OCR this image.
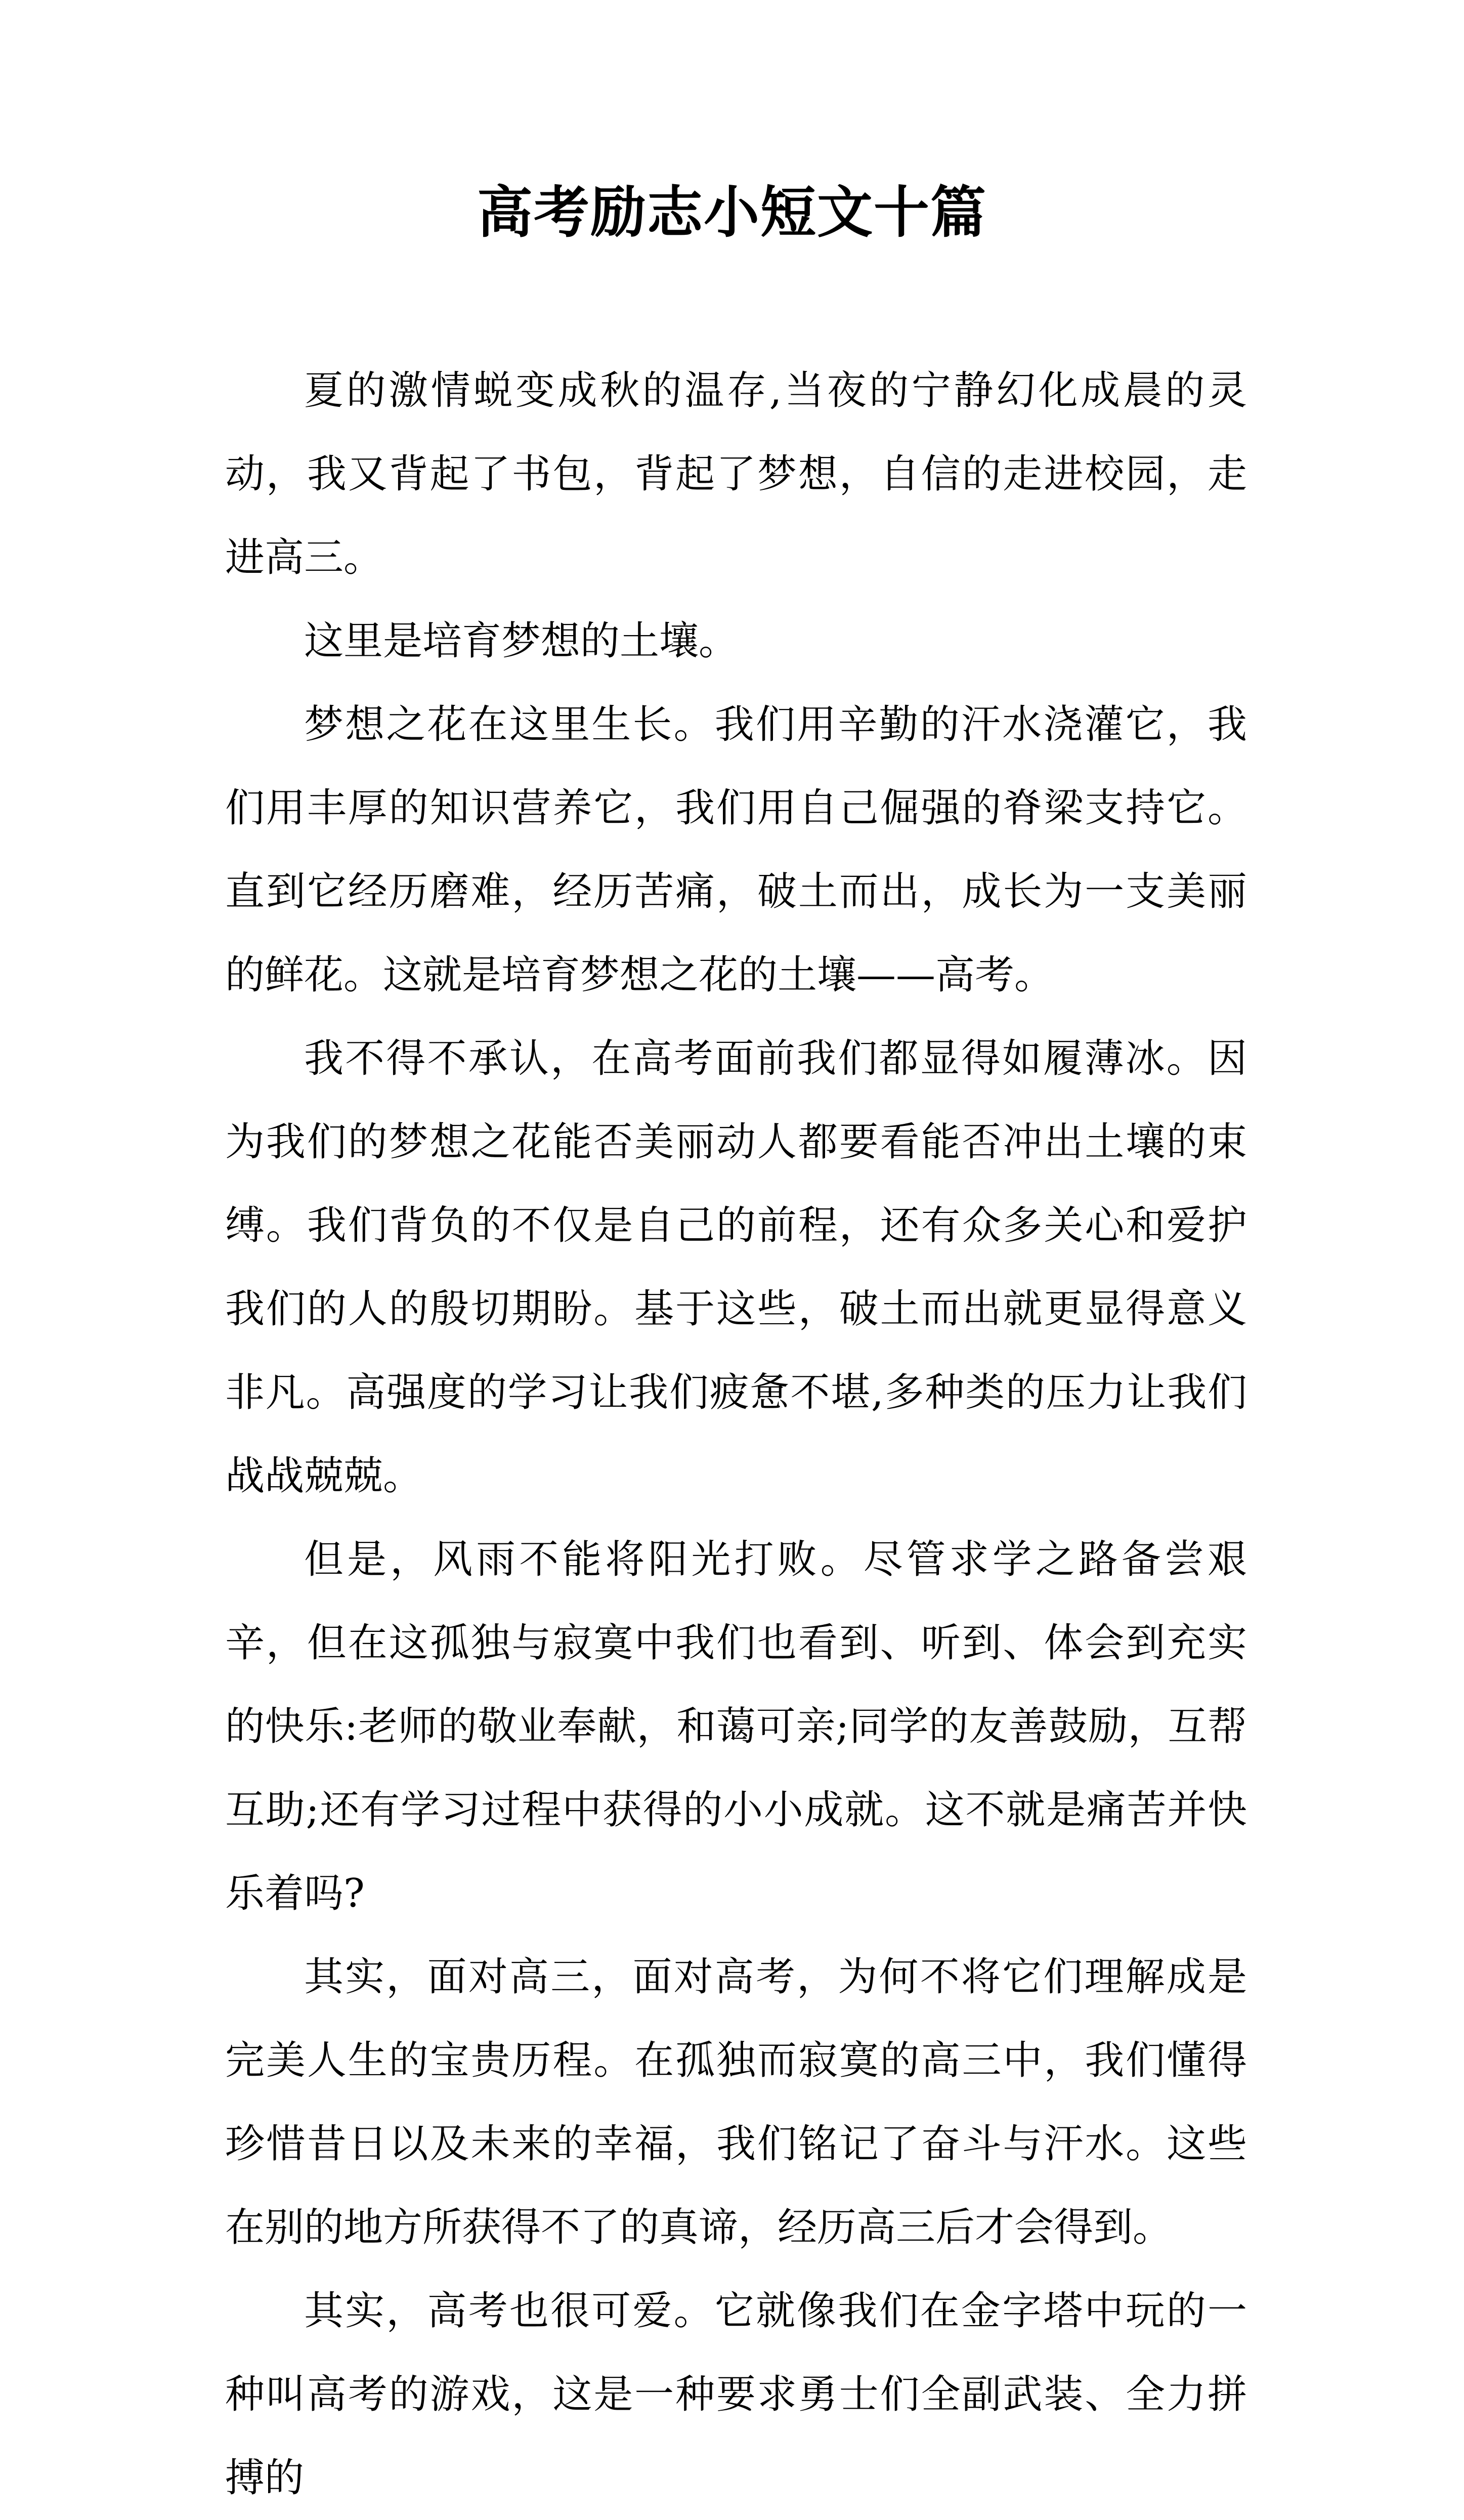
高考励志小短文十篇

夏的激情蜕变成秋的温存,当夜的宁静幻化成晨的灵动，我又背起了书包，背起了梦想，自信的走进校园，走进高三。

这里是培育梦想的土壤。

梦想之花在这里生长。我们用辛勤的汗水浇灌它，我们用丰厚的知识营养它，我们用自己倔强的脊梁支持它。直到它经历磨难，经历苦痛，破土而出，成长为一支美丽的鲜花。这就是培育梦想之花的土壤——高考。

我不得不承认，在高考面前我们都显得如履薄冰。因为我们的梦想之花能否美丽动人都要看能否冲出土壤的束缚。我们背负的不仅是自己的前程，还有众多关心和爱护我们的人的殷切期盼。基于这些，破土而出就更显得意义非凡。高强度的学习让我们疲惫不堪,多种类的压力让我们战战兢兢。

但是，风雨不能将阳光打败。尽管求学之路备尝艰辛，但在这孤独与寂寞中我们也看到、听到、体会到充实的快乐:老师的敬业奉献，和蔼可亲;同学的友善鼓励，互帮互助;还有学习过程中获得的小小成就。这不就是痛苦并快乐着吗?

其实，面对高三，面对高考，为何不将它们理解成是完美人生的宝贵历程。在孤独而寂寞的高三中，我们懂得珍惜昔日以及未来的幸福，我们铭记了奋斗与汗水。这些在别的地方所获得不了的真谛，经历高三后才会得到。

其实，高考也很可爱。它就像我们在金字塔中玩的一种叫高考的游戏，这是一种要求勇士们全副武装、全力拼搏的
